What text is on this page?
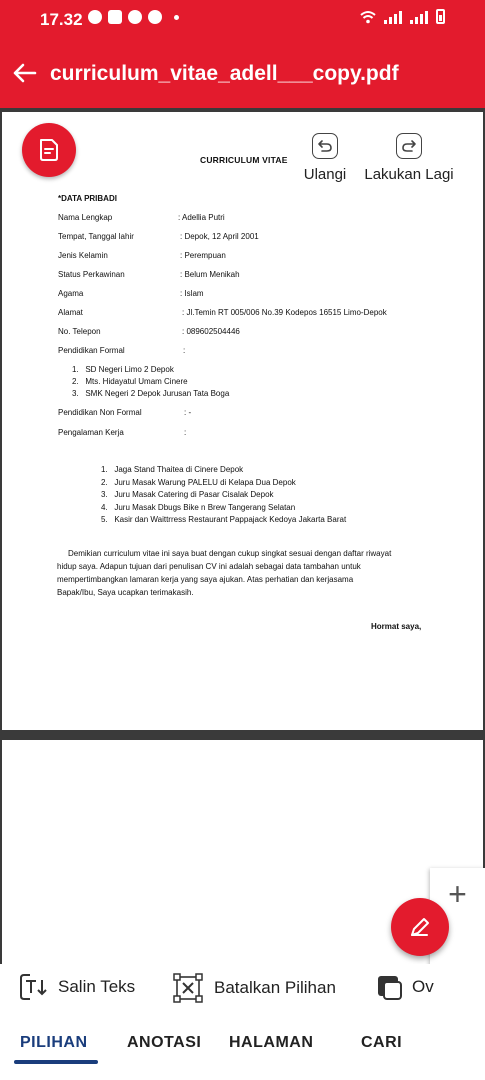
17.32
curriculum_vitae_adell___copy.pdf
CURRICULUM VITAE
Ulangi Lakukan Lagi
*DATA PRIBADI
Nama Lengkap	: Adellia Putri
Tempat, Tanggal lahir	: Depok, 12 April 2001
Jenis Kelamin	: Perempuan
Status Perkawinan	: Belum Menikah
Agama	: Islam
Alamat	: Jl.Temin RT 005/006 No.39 Kodepos 16515 Limo-Depok
No. Telepon	: 089602504446
Pendidikan Formal	:
1.   SD Negeri Limo 2 Depok
2.   Mts. Hidayatul Umam Cinere
3.   SMK Negeri 2 Depok Jurusan Tata Boga
Pendidikan Non Formal	: -
Pengalaman Kerja	:
1.   Jaga Stand Thaitea di Cinere Depok
2.   Juru Masak Warung PALELU di Kelapa Dua Depok
3.   Juru Masak Catering di Pasar Cisalak Depok
4.   Juru Masak Dbugs Bike n Brew Tangerang Selatan
5.   Kasir dan Waittrress Restaurant Pappajack Kedoya Jakarta Barat
Demikian curriculum vitae ini saya buat dengan cukup singkat sesuai dengan daftar riwayat
hidup saya. Adapun tujuan dari penulisan CV ini adalah sebagai data tambahan untuk
mempertimbangkan lamaran kerja yang saya ajukan. Atas perhatian dan kerjasama
Bapak/Ibu, Saya ucapkan terimakasih.
Hormat saya,
+
Salin Teks	Batalkan Pilihan	Ov
PILIHAN ANOTASI HALAMAN	CARI
